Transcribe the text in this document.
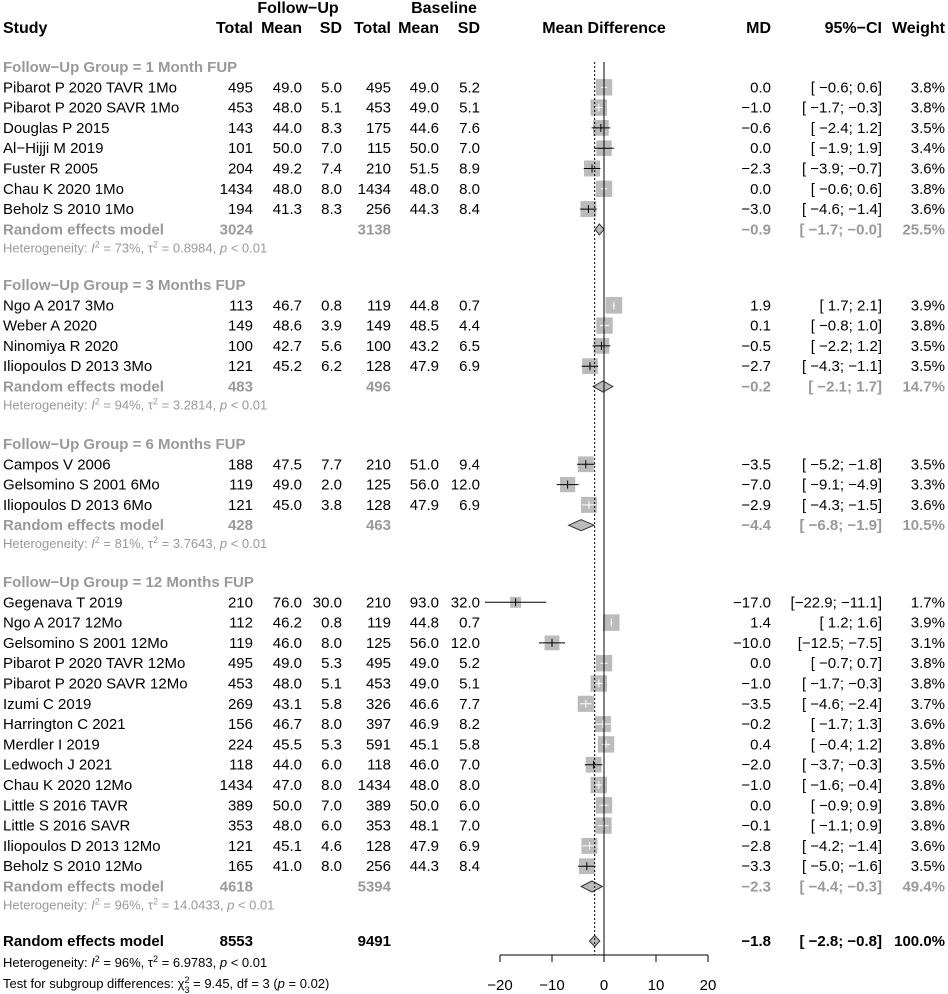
Study
Follow−Up	Baseline
Total Mean SD Total Mean SD	Mean Difference	MD	95%−CI Weight
Follow−Up Group = 1 Month FUP
Pibarot P 2020 TAVR 1Mo	495 49.0 5.0 495 49.0 5.2	0.0	[ −0.6; 0.6] 3.8%
Pibarot P 2020 SAVR 1Mo	453 48.0 5.1 453 49.0 5.1	−1.0 [ −1.7; −0.3] 3.8%
Douglas P 2015	143 44.0 8.3 175 44.6 7.6	−0.6	[ −2.4; 1.2] 3.5%
Al−Hijji M 2019	101 50.0 7.0 115 50.0 7.0	0.0	[ −1.9; 1.9] 3.4%
Fuster R 2005	204 49.2 7.4 210 51.5 8.9	−2.3 [ −3.9; −0.7] 3.6%
Chau K 2020 1Mo	1434 48.0 8.0 1434 48.0 8.0	0.0	[ −0.6; 0.6] 3.8%
Beholz S 2010 1Mo	194 41.3 8.3 256 44.3 8.4	−3.0 [ −4.6; −1.4] 3.6%
Random effects model	3024	3138	−0.9 [ −1.7; −0.0] 25.5%
Heterogeneity: $I^2 = 73\%$, $\tau^2 = 0.8984$, p < 0.01
Follow−Up Group = 3 Months FUP
Ngo A 2017 3Mo	113 46.7 0.8 119 44.8 0.7	1.9	[ 1.7; 2.1] 3.9%
Weber A 2020	149 48.6 3.9 149 48.5 4.4	0.1	[ −0.8; 1.0] 3.8%
Ninomiya R 2020	100 42.7 5.6 100 43.2 6.5	−0.5	[ −2.2; 1.2] 3.5%
Iliopoulos D 2013 3Mo	121 45.2 6.2 128 47.9 6.9	−2.7 [ −4.3; −1.1] 3.5%
Random effects model	483	496	−0.2 [ −2.1; 1.7] 14.7%
Heterogeneity: $I^2 = 94\%$, $\tau^2 = 3.2814$, p < 0.01
Follow−Up Group = 6 Months FUP
Campos V 2006	188 47.5 7.7 210 51.0 9.4	−3.5 [ −5.2; −1.8] 3.5%
Gelsomino S 2001 6Mo	119 49.0 2.0 125 56.0 12.0	−7.0 [ −9.1; −4.9] 3.3%
Iliopoulos D 2013 6Mo	121 45.0 3.8 128 47.9 6.9	−2.9 [ −4.3; −1.5] 3.6%
Random effects model	428	463	−4.4 [ −6.8; −1.9] 10.5%
Heterogeneity: $I^2 = 81\%$, $\tau^2 = 3.7643$, p < 0.01
Follow−Up Group = 12 Months FUP
Gegenava T 2019	210 76.0 30.0 210 93.0 32.0	−17.0 [−22.9; −11.1] 1.7%
Ngo A 2017 12Mo	112 46.2 0.8 119 44.8 0.7	1.4	[ 1.2; 1.6] 3.9%
Gelsomino S 2001 12Mo	119 46.0 8.0 125 56.0 12.0	−10.0 [−12.5; −7.5] 3.1%
Pibarot P 2020 TAVR 12Mo	495 49.0 5.3 495 49.0 5.2	0.0	[ −0.7; 0.7] 3.8%
Pibarot P 2020 SAVR 12Mo	453 48.0 5.1 453 49.0 5.1	−1.0 [ −1.7; −0.3] 3.8%
Izumi C 2019	269 43.1 5.8 326 46.6 7.7	−3.5 [ −4.6; −2.4] 3.7%
Harrington C 2021	156 46.7 8.0 397 46.9 8.2	−0.2	[ −1.7; 1.3] 3.6%
Merdler I 2019	224 45.5 5.3 591 45.1 5.8	0.4	[ −0.4; 1.2] 3.8%
Ledwoch J 2021	118 44.0 6.0 118 46.0 7.0	−2.0 [ −3.7; −0.3] 3.5%
Chau K 2020 12Mo	1434 47.0 8.0 1434 48.0 8.0	−1.0 [ −1.6; −0.4] 3.8%
Little S 2016 TAVR	389 50.0 7.0 389 50.0 6.0	0.0	[ −0.9; 0.9] 3.8%
Little S 2016 SAVR	353 48.0 6.0 353 48.1 7.0	−0.1	[ −1.1; 0.9] 3.8%
Iliopoulos D 2013 12Mo	121 45.1 4.6 128 47.9 6.9	−2.8 [ −4.2; −1.4] 3.6%
Beholz S 2010 12Mo	165 41.0 8.0 256 44.3 8.4	−3.3 [ −5.0; −1.6] 3.5%
Random effects model	4618	5394	−2.3 [ −4.4; −0.3] 49.4%
Heterogeneity: $I^2 = 96\%$, $\tau^2 = 14.0433$, p < 0.01
Random effects model	8553	9491	−1.8 [ −2.8; −0.8] 100.0%
Heterogeneity: $I^2 = 96\%$, $\tau^2 = 6.9783$, p < 0.01
Test for subgroup differences: $\chi^2$ $_3$ = 9.45, df = 3 (p = 0.02)	−20 −10 0	10 20
